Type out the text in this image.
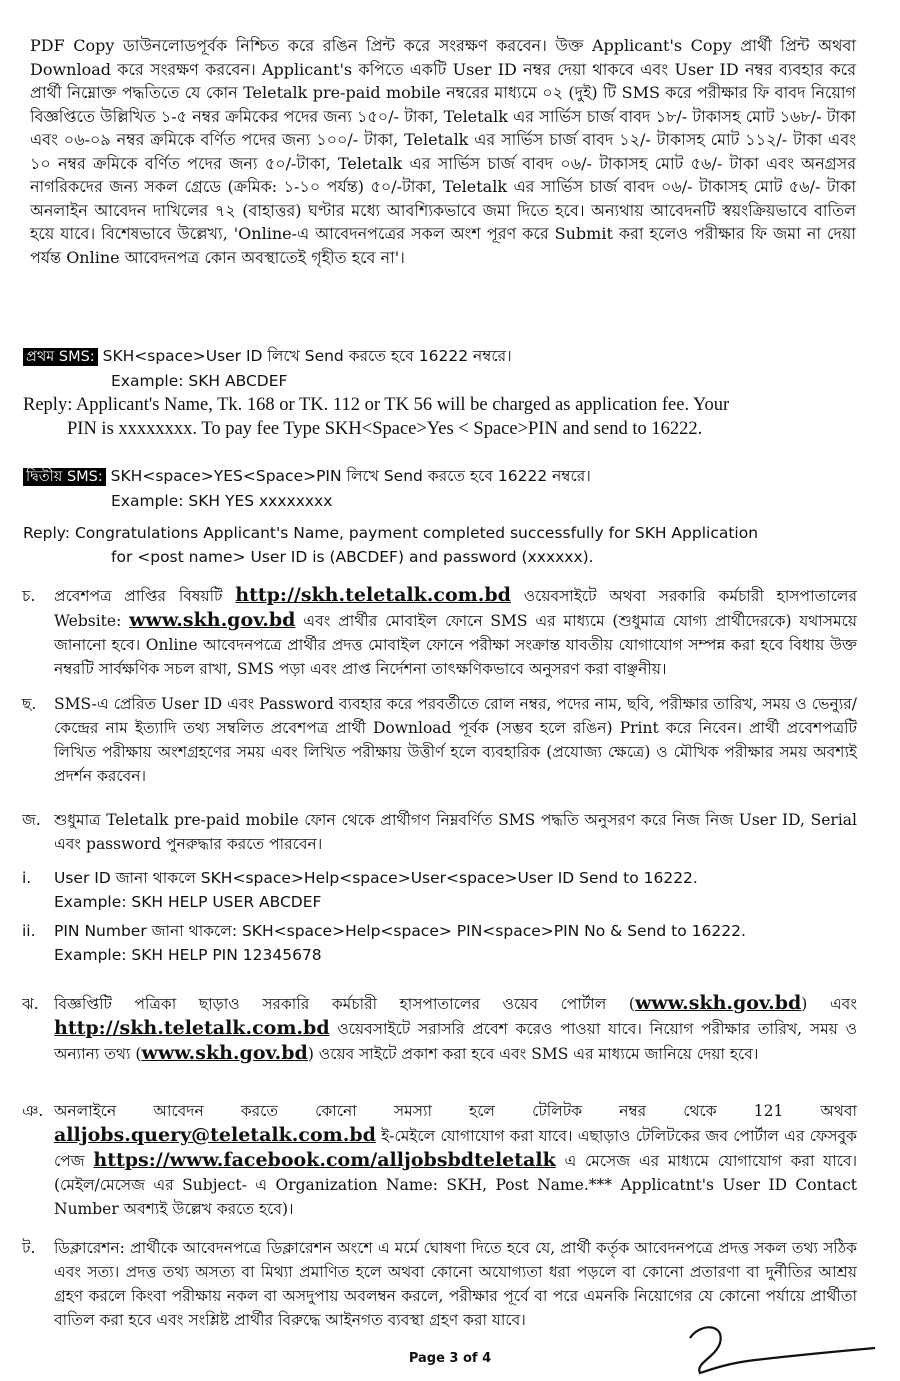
PDF Copy ডাউনলোডপূর্বক নিশ্চিত করে রঙিন প্রিন্ট করে সংরক্ষণ করবেন। উক্ত Applicant's Copy প্রার্থী প্রিন্ট অথবা Download করে সংরক্ষণ করবেন। Applicant's কপিতে একটি User ID নম্বর দেয়া থাকবে এবং User ID নম্বর ব্যবহার করে প্রার্থী নিম্নোক্ত পদ্ধতিতে যে কোন Teletalk pre-paid mobile নম্বরের মাধ্যমে ০২ (দুই) টি SMS করে পরীক্ষার ফি বাবদ নিয়োগ বিজ্ঞপ্তিতে উল্লিখিত ১-৫ নম্বর ক্রমিকের পদের জন্য ১৫০/- টাকা, Teletalk এর সার্ভিস চার্জ বাবদ ১৮/- টাকাসহ মোট ১৬৮/- টাকা এবং ০৬-০৯ নম্বর ক্রমিকে বর্ণিত পদের জন্য ১০০/- টাকা, Teletalk এর সার্ভিস চার্জ বাবদ ১২/- টাকাসহ মোট ১১২/- টাকা এবং ১০ নম্বর ক্রমিকে বর্ণিত পদের জন্য ৫০/-টাকা, Teletalk এর সার্ভিস চার্জ বাবদ ০৬/- টাকাসহ মোট ৫৬/- টাকা এবং অনগ্রসর নাগরিকদের জন্য সকল গ্রেডে (ক্রমিক: ১-১০ পর্যন্ত) ৫০/-টাকা, Teletalk এর সার্ভিস চার্জ বাবদ ০৬/- টাকাসহ মোট ৫৬/- টাকা অনলাইন আবেদন দাখিলের ৭২ (বাহাত্তর) ঘণ্টার মধ্যে আবশ্যিকভাবে জমা দিতে হবে। অন্যথায় আবেদনটি স্বয়ংক্রিয়ভাবে বাতিল হয়ে যাবে। বিশেষভাবে উল্লেখ্য, 'Online-এ আবেদনপত্রের সকল অংশ পূরণ করে Submit করা হলেও পরীক্ষার ফি জমা না দেয়া পর্যন্ত Online আবেদনপত্র কোন অবস্থাতেই গৃহীত হবে না'।
প্রথম SMS: SKH<space>User ID লিখে Send করতে হবে 16222 নম্বরে।
Example: SKH ABCDEF
Reply: Applicant's Name, Tk. 168 or TK. 112 or TK 56 will be charged as application fee. Your
PIN is xxxxxxxx. To pay fee Type SKH<Space>Yes < Space>PIN and send to 16222.
দ্বিতীয় SMS: SKH<space>YES<Space>PIN লিখে Send করতে হবে 16222 নম্বরে।
Example: SKH YES xxxxxxxx
Reply: Congratulations Applicant's Name, payment completed successfully for SKH Application
for <post name> User ID is (ABCDEF) and password (xxxxxx).
চ. প্রবেশপত্র প্রাপ্তির বিষয়টি http://skh.teletalk.com.bd ওয়েবসাইটে অথবা সরকারি কর্মচারী হাসপাতালের Website: www.skh.gov.bd এবং প্রার্থীর মোবাইল ফোনে SMS এর মাধ্যমে (শুধুমাত্র যোগ্য প্রার্থীদেরকে) যথাসময়ে জানানো হবে। Online আবেদনপত্রে প্রার্থীর প্রদত্ত মোবাইল ফোনে পরীক্ষা সংক্রান্ত যাবতীয় যোগাযোগ সম্পন্ন করা হবে বিধায় উক্ত নম্বরটি সার্বক্ষণিক সচল রাখা, SMS পড়া এবং প্রাপ্ত নির্দেশনা তাৎক্ষণিকভাবে অনুসরণ করা বাঞ্ছনীয়।
ছ. SMS-এ প্রেরিত User ID এবং Password ব্যবহার করে পরবর্তীতে রোল নম্বর, পদের নাম, ছবি, পরীক্ষার তারিখ, সময় ও ভেন্যুর/কেন্দ্রের নাম ইত্যাদি তথ্য সম্বলিত প্রবেশপত্র প্রার্থী Download পূর্বক (সম্ভব হলে রঙিন) Print করে নিবেন। প্রার্থী প্রবেশপত্রটি লিখিত পরীক্ষায় অংশগ্রহণের সময় এবং লিখিত পরীক্ষায় উত্তীর্ণ হলে ব্যবহারিক (প্রযোজ্য ক্ষেত্রে) ও মৌখিক পরীক্ষার সময় অবশ্যই প্রদর্শন করবেন।
জ. শুধুমাত্র Teletalk pre-paid mobile ফোন থেকে প্রার্থীগণ নিম্নবর্ণিত SMS পদ্ধতি অনুসরণ করে নিজ নিজ User ID, Serial এবং password পুনরুদ্ধার করতে পারবেন।
i. User ID জানা থাকলে SKH<space>Help<space>User<space>User ID Send to 16222.
Example: SKH HELP USER ABCDEF
ii. PIN Number জানা থাকলে: SKH<space>Help<space> PIN<space>PIN No & Send to 16222.
Example: SKH HELP PIN 12345678
ঝ. বিজ্ঞপ্তিটি পত্রিকা ছাড়াও সরকারি কর্মচারী হাসপাতালের ওয়েব পোর্টাল (www.skh.gov.bd) এবং http://skh.teletalk.com.bd ওয়েবসাইটে সরাসরি প্রবেশ করেও পাওয়া যাবে। নিয়োগ পরীক্ষার তারিখ, সময় ও অন্যান্য তথ্য (www.skh.gov.bd) ওয়েব সাইটে প্রকাশ করা হবে এবং SMS এর মাধ্যমে জানিয়ে দেয়া হবে।
ঞ. অনলাইনে আবেদন করতে কোনো সমস্যা হলে টেলিটক নম্বর থেকে 121 অথবা alljobs.query@teletalk.com.bd ই-মেইলে যোগাযোগ করা যাবে। এছাড়াও টেলিটকের জব পোর্টাল এর ফেসবুক পেজ https://www.facebook.com/alljobsbdteletalk এ মেসেজ এর মাধ্যমে যোগাযোগ করা যাবে। (মেইল/মেসেজ এর Subject- এ Organization Name: SKH, Post Name.*** Applicatnt's User ID Contact Number অবশ্যই উল্লেখ করতে হবে)।
ট. ডিক্লারেশন: প্রার্থীকে আবেদনপত্রে ডিক্লারেশন অংশে এ মর্মে ঘোষণা দিতে হবে যে, প্রার্থী কর্তৃক আবেদনপত্রে প্রদত্ত সকল তথ্য সঠিক এবং সত্য। প্রদত্ত তথ্য অসত্য বা মিথ্যা প্রমাণিত হলে অথবা কোনো অযোগ্যতা ধরা পড়লে বা কোনো প্রতারণা বা দুর্নীতির আশ্রয় গ্রহণ করলে কিংবা পরীক্ষায় নকল বা অসদুপায় অবলম্বন করলে, পরীক্ষার পূর্বে বা পরে এমনকি নিয়োগের যে কোনো পর্যায়ে প্রার্থীতা বাতিল করা হবে এবং সংশ্লিষ্ট প্রার্থীর বিরুদ্ধে আইনগত ব্যবস্থা গ্রহণ করা যাবে।
Page 3 of 4
